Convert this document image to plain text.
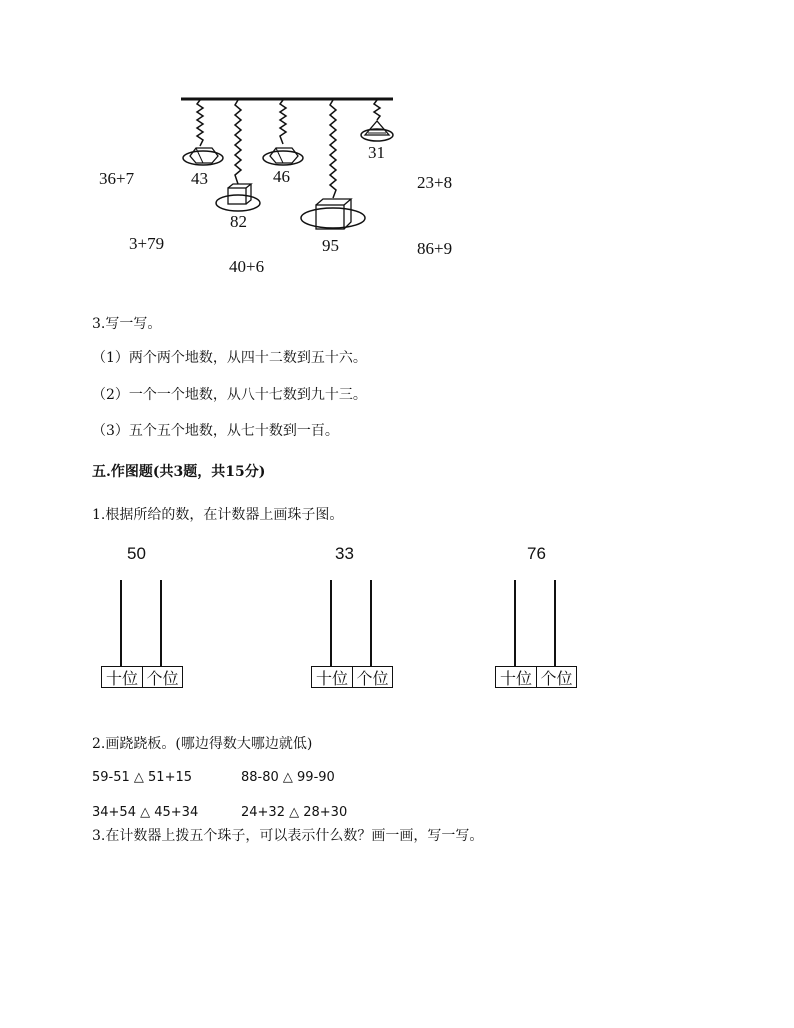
43
82
46
95
31
36+7
3+79
40+6
23+8
86+9
3.写一写。
（1）两个两个地数，从四十二数到五十六。
（2）一个一个地数，从八十七数到九十三。
（3）五个五个地数，从七十数到一百。
五.作图题(共3题，共15分)
1.根据所给的数，在计数器上画珠子图。
50
十位 个位
33
十位 个位
76
十位 个位
2.画跷跷板。(哪边得数大哪边就低)
59-51 △ 51+15	88-80 △ 99-90
34+54 △ 45+34	24+32 △ 28+30
3.在计数器上拨五个珠子，可以表示什么数？画一画，写一写。
